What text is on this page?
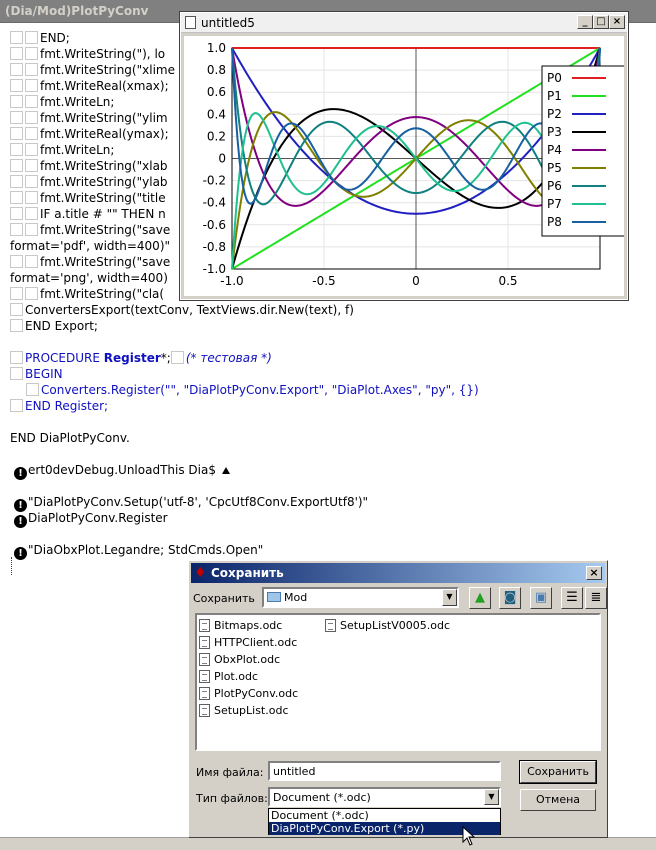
(Dia/Mod)PlotPyConv
END;
fmt.WriteString("), lo
fmt.WriteString("xlime
fmt.WriteReal(xmax);
fmt.WriteLn;
fmt.WriteString("ylim
fmt.WriteReal(ymax);
fmt.WriteLn;
fmt.WriteString("xlab
fmt.WriteString("ylab
fmt.WriteString("title
IF a.title # "" THEN n
fmt.WriteString("save
format='pdf', width=400)"
fmt.WriteString("save
format='png', width=400)
fmt.WriteString("cla(
ConvertersExport(textConv, TextViews.dir.New(text), f)
END Export;
PROCEDURE Register*; (* тестовая *)
BEGIN
Converters.Register("", "DiaPlotPyConv.Export", "DiaPlot.Axes", "py", {})
END Register;
END DiaPlotPyConv.
! ert0devDebug.UnloadThis Dia$
! "DiaPlotPyConv.Setup('utf-8', 'CpcUtf8Conv.ExportUtf8')"
! DiaPlotPyConv.Register
! "DiaObxPlot.Legandre; StdCmds.Open"
untitled5	_ □ ×
1.0
0.8
0.6
0.4
0.2
0
-0.2
-0.4
-0.6
-0.8
-1.0
-1.0	-0.5	0	0.5
P0
P1
P2
P3
P4
P5
P6
P7
P8
♦ Сохранить	×
Сохранить	Mod	▼	▲	◙	▣	☰ ≣
Bitmaps.odc
HTTPClient.odc
ObxPlot.odc
Plot.odc
PlotPyConv.odc
SetupList.odc
SetupListV0005.odc
Имя файла: untitled
Тип файлов: Document (*.odc)	▼
Document (*.odc)
DiaPlotPyConv.Export (*.py)
Сохранить
Отмена
